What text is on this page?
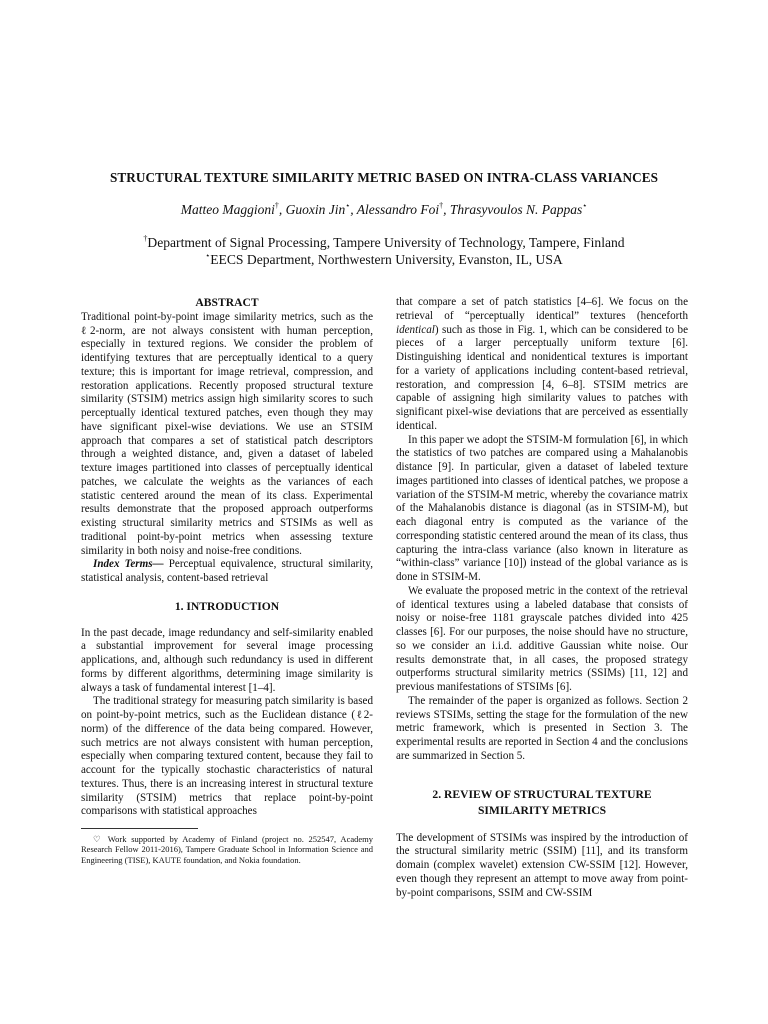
STRUCTURAL TEXTURE SIMILARITY METRIC BASED ON INTRA-CLASS VARIANCES
Matteo Maggioni†, Guoxin Jin⋆, Alessandro Foi†, Thrasyvoulos N. Pappas⋆
†Department of Signal Processing, Tampere University of Technology, Tampere, Finland
⋆EECS Department, Northwestern University, Evanston, IL, USA
ABSTRACT

Traditional point-by-point image similarity metrics, such as the ℓ2-norm, are not always consistent with human perception, especially in textured regions. We consider the problem of identifying textures that are perceptually identical to a query texture; this is important for image retrieval, compression, and restoration applications. Recently proposed structural texture similarity (STSIM) metrics assign high similarity scores to such perceptually identical textured patches, even though they may have significant pixel-wise deviations. We use an STSIM approach that compares a set of statistical patch descriptors through a weighted distance, and, given a dataset of labeled texture images partitioned into classes of perceptually identical patches, we calculate the weights as the variances of each statistic centered around the mean of its class. Experimental results demonstrate that the proposed approach outperforms existing structural similarity metrics and STSIMs as well as traditional point-by-point metrics when assessing texture similarity in both noisy and noise-free conditions.

Index Terms— Perceptual equivalence, structural similarity, statistical analysis, content-based retrieval

1. INTRODUCTION

In the past decade, image redundancy and self-similarity enabled a substantial improvement for several image processing applications, and, although such redundancy is used in different forms by different algorithms, determining image similarity is always a task of fundamental interest [1–4].

The traditional strategy for measuring patch similarity is based on point-by-point metrics, such as the Euclidean distance (ℓ2-norm) of the difference of the data being compared. However, such metrics are not always consistent with human perception, especially when comparing textured content, because they fail to account for the typically stochastic characteristics of natural textures. Thus, there is an increasing interest in structural texture similarity (STSIM) metrics that replace point-by-point comparisons with statistical approaches

♡ Work supported by Academy of Finland (project no. 252547, Academy Research Fellow 2011-2016), Tampere Graduate School in Information Science and Engineering (TISE), KAUTE foundation, and Nokia foundation.

that compare a set of patch statistics [4–6]. We focus on the retrieval of “perceptually identical” textures (henceforth identical) such as those in Fig. 1, which can be considered to be pieces of a larger perceptually uniform texture [6]. Distinguishing identical and nonidentical textures is important for a variety of applications including content-based retrieval, restoration, and compression [4, 6–8]. STSIM metrics are capable of assigning high similarity values to patches with significant pixel-wise deviations that are perceived as essentially identical.

In this paper we adopt the STSIM-M formulation [6], in which the statistics of two patches are compared using a Mahalanobis distance [9]. In particular, given a dataset of labeled texture images partitioned into classes of identical patches, we propose a variation of the STSIM-M metric, whereby the covariance matrix of the Mahalanobis distance is diagonal (as in STSIM-M), but each diagonal entry is computed as the variance of the corresponding statistic centered around the mean of its class, thus capturing the intra-class variance (also known in literature as “within-class” variance [10]) instead of the global variance as is done in STSIM-M.

We evaluate the proposed metric in the context of the retrieval of identical textures using a labeled database that consists of noisy or noise-free 1181 grayscale patches divided into 425 classes [6]. For our purposes, the noise should have no structure, so we consider an i.i.d. additive Gaussian white noise. Our results demonstrate that, in all cases, the proposed strategy outperforms structural similarity metrics (SSIMs) [11, 12] and previous manifestations of STSIMs [6].

The remainder of the paper is organized as follows. Section 2 reviews STSIMs, setting the stage for the formulation of the new metric framework, which is presented in Section 3. The experimental results are reported in Section 4 and the conclusions are summarized in Section 5.

2. REVIEW OF STRUCTURAL TEXTURE
SIMILARITY METRICS

The development of STSIMs was inspired by the introduction of the structural similarity metric (SSIM) [11], and its transform domain (complex wavelet) extension CW-SSIM [12]. However, even though they represent an attempt to move away from point-by-point comparisons, SSIM and CW-SSIM
